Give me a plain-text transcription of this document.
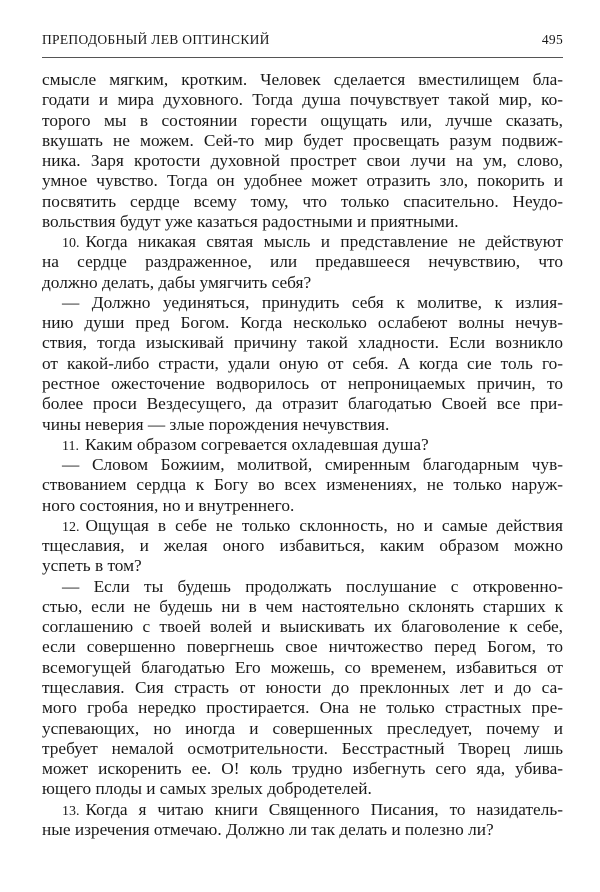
ПРЕПОДОБНЫЙ ЛЕВ ОПТИНСКИЙ	495
смысле мягким, кротким. Человек сделается вместилищем бла-
годати и мира духовного. Тогда душа почувствует такой мир, ко-
торого мы в состоянии горести ощущать или, лучше сказать,
вкушать не можем. Сей-то мир будет просвещать разум подвиж-
ника. Заря кротости духовной прострет свои лучи на ум, слово,
умное чувство. Тогда он удобнее может отразить зло, покорить и
посвятить сердце всему тому, что только спасительно. Неудо-
вольствия будут уже казаться радостными и приятными.
10. Когда никакая святая мысль и представление не действуют
на сердце раздраженное, или предавшееся нечувствию, что
должно делать, дабы умягчить себя?
— Должно уединяться, принудить себя к молитве, к излия-
нию души пред Богом. Когда несколько ослабеют волны нечув-
ствия, тогда изыскивай причину такой хладности. Если возникло
от какой-либо страсти, удали оную от себя. А когда сие толь го-
рестное ожесточение водворилось от непроницаемых причин, то
более проси Вездесущего, да отразит благодатью Своей все при-
чины неверия — злые порождения нечувствия.
11. Каким образом согревается охладевшая душа?
— Словом Божиим, молитвой, смиренным благодарным чув-
ствованием сердца к Богу во всех изменениях, не только наруж-
ного состояния, но и внутреннего.
12. Ощущая в себе не только склонность, но и самые действия
тщеславия, и желая оного избавиться, каким образом можно
успеть в том?
— Если ты будешь продолжать послушание с откровенно-
стью, если не будешь ни в чем настоятельно склонять старших к
соглашению с твоей волей и выискивать их благоволение к себе,
если совершенно повергнешь свое ничтожество перед Богом, то
всемогущей благодатью Его можешь, со временем, избавиться от
тщеславия. Сия страсть от юности до преклонных лет и до са-
мого гроба нередко простирается. Она не только страстных пре-
успевающих, но иногда и совершенных преследует, почему и
требует немалой осмотрительности. Бесстрастный Творец лишь
может искоренить ее. О! коль трудно избегнуть сего яда, убива-
ющего плоды и самых зрелых добродетелей.
13. Когда я читаю книги Священного Писания, то назидатель-
ные изречения отмечаю. Должно ли так делать и полезно ли?
